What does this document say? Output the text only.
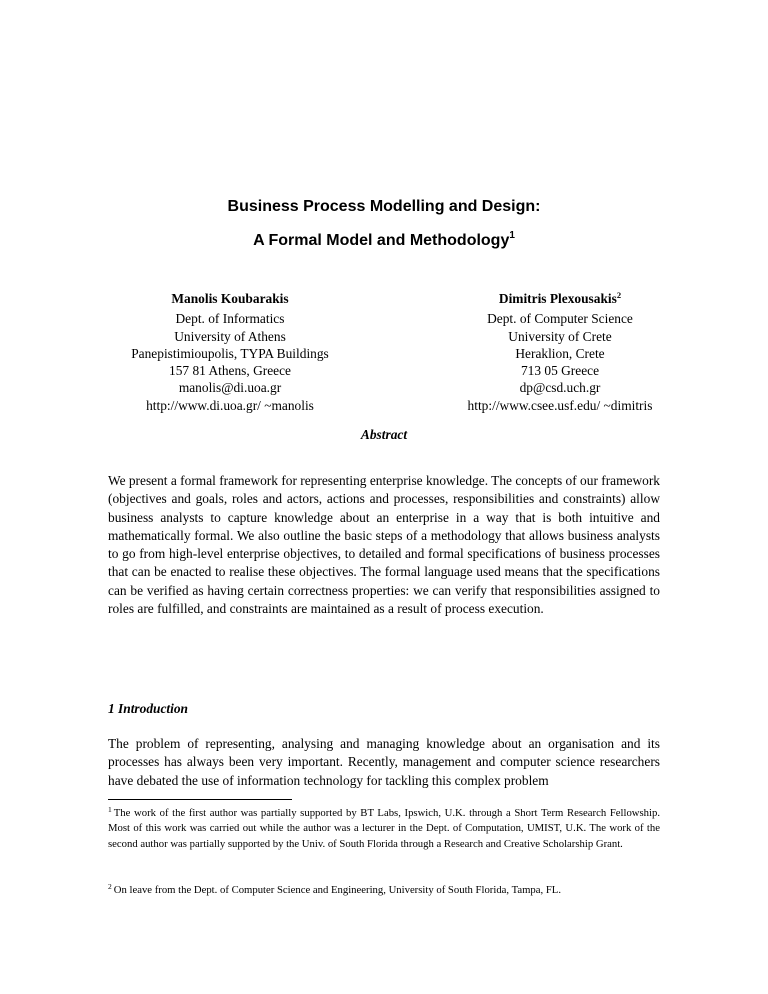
Business Process Modelling and Design:
A Formal Model and Methodology$^1$
Manolis Koubarakis
Dept. of Informatics
University of Athens
Panepistimioupolis, TYPA Buildings
157 81 Athens, Greece
manolis@di.uoa.gr
http://www.di.uoa.gr/ ~manolis
Dimitris Plexousakis$^2$
Dept. of Computer Science
University of Crete
Heraklion, Crete
713 05 Greece
dp@csd.uch.gr
http://www.csee.usf.edu/ ~dimitris
Abstract
We present a formal framework for representing enterprise knowledge. The concepts of our framework (objectives and goals, roles and actors, actions and processes, responsibilities and constraints) allow business analysts to capture knowledge about an enterprise in a way that is both intuitive and mathematically formal. We also outline the basic steps of a methodology that allows business analysts to go from high-level enterprise objectives, to detailed and formal specifications of business processes that can be enacted to realise these objectives. The formal language used means that the specifications can be verified as having certain correctness properties: we can verify that responsibilities assigned to roles are fulfilled, and constraints are maintained as a result of process execution.
1 Introduction
The problem of representing, analysing and managing knowledge about an organisation and its processes has always been very important. Recently, management and computer science researchers have debated the use of information technology for tackling this complex problem
$^1$ The work of the first author was partially supported by BT Labs, Ipswich, U.K. through a Short Term Research Fellowship. Most of this work was carried out while the author was a lecturer in the Dept. of Computation, UMIST, U.K. The work of the second author was partially supported by the Univ. of South Florida through a Research and Creative Scholarship Grant.
$^2$ On leave from the Dept. of Computer Science and Engineering, University of South Florida, Tampa, FL.
